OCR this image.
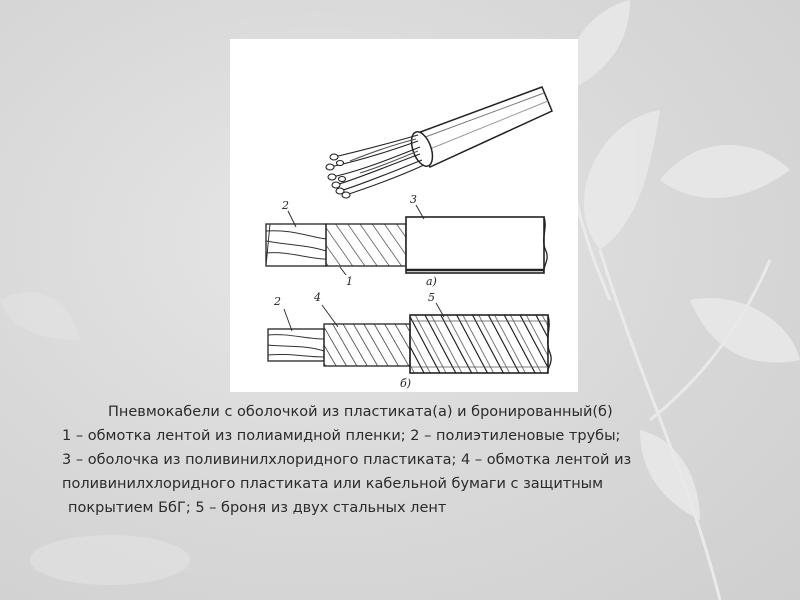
2	3
1	а)
2	4	5
б)
Пневмокабели с оболочкой из пластиката(а) и бронированный(б)
1 – обмотка лентой из полиамидной пленки; 2 – полиэтиленовые трубы;
3 – оболочка из поливинилхлоридного пластиката; 4 – обмотка лентой из
поливинилхлоридного пластиката или кабельной бумаги с защитным
покрытием БбГ; 5 – броня из двух стальных лент
